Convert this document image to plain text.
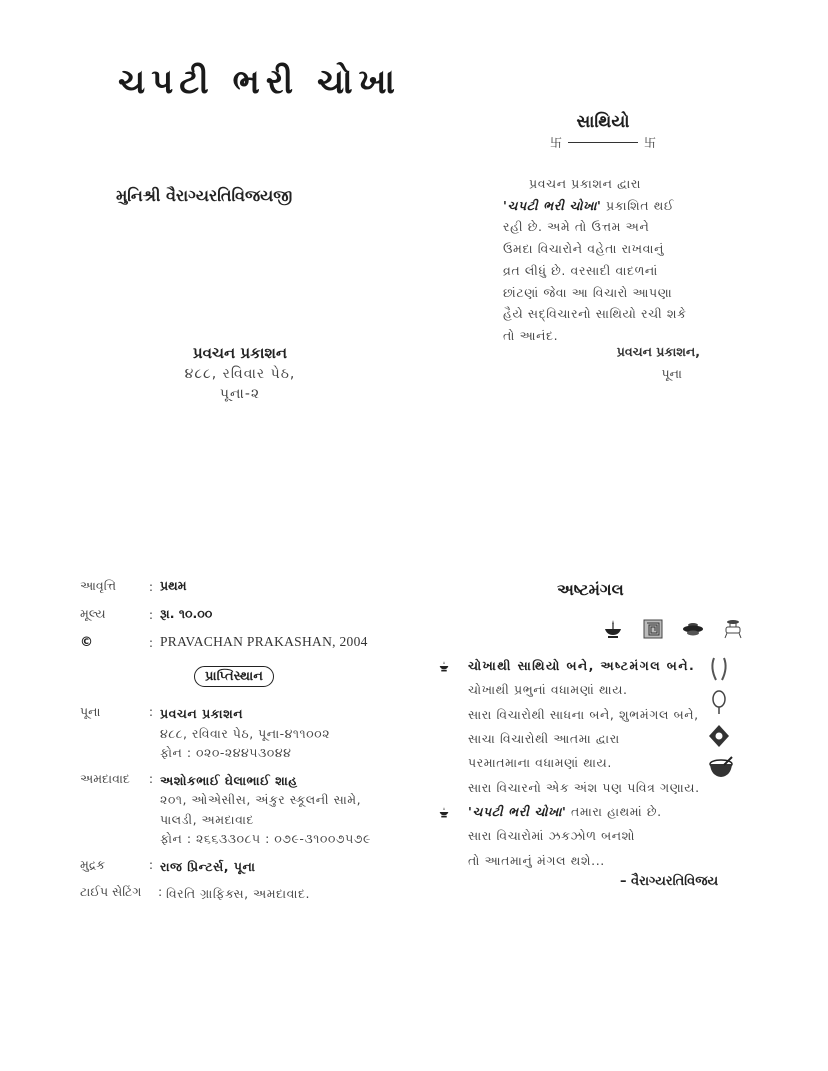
ચપટી ભરી ચોખા
મુનિશ્રી વૈરાગ્યરતિવિજયજી
પ્રવચન પ્રકાશન
૪૮૮, રવિવાર પેઠ,
પૂના-૨
સાથિયો
卐	卐
પ્રવચન પ્રકાશન દ્વારા
'ચપટી ભરી ચોખા' પ્રકાશિત થઈ
રહી છે. અમે તો ઉત્તમ અને
ઉમદા વિચારોને વહેતા રાખવાનું
વ્રત લીધું છે. વરસાદી વાદળનાં
છાંટણાં જેવા આ વિચારો આપણા
હૈયે સદ્‌વિચારનો સાથિયો રચી શકે
તો આનંદ.
પ્રવચન પ્રકાશન,
પૂના
આવૃત્તિ	: પ્રથમ
મૂલ્ય	: રૂા. ૧૦.૦૦
©	: PRAVACHAN PRAKASHAN, 2004
પ્રાપ્તિસ્થાન
પૂના	: પ્રવચન પ્રકાશન
૪૮૮, રવિવાર પેઠ, પૂના-૪૧૧૦૦૨
ફોન : ૦૨૦-૨૪૪૫૩૦૪૪
અમદાવાદ	: અશોકભાઈ ઘેલાભાઈ શાહ
૨૦૧, ઓએસીસ, અંકુર સ્કૂલની સામે,
પાલડી, અમદાવાદ
ફોન : ૨૬૬૩૩૦૮૫ : ૦૭૯-૩૧૦૦૭૫૭૯
મુદ્રક	: રાજ પ્રિન્ટર્સ, પૂના
ટાઈપ સેટિંગ	: વિરતિ ગ્રાફિક્સ, અમદાવાદ.
અષ્ટમંગલ
ચોખાથી સાથિયો બને, અષ્ટમંગલ બને.
ચોખાથી પ્રભુનાં વધામણાં થાય.
સારા વિચારોથી સાધના બને, શુભમંગલ બને,
સાચા વિચારોથી આતમા દ્વારા
પરમાતમાના વધામણાં થાય.
સારા વિચારનો એક અંશ પણ પવિત્ર ગણાય.
'ચપટી ભરી ચોખા'
તમારા હાથમાં છે.
સારા વિચારોમાં ઝકઝોળ બનશો
તો આતમાનું મંગલ થશે...
– વૈરાગ્યરતિવિજય
